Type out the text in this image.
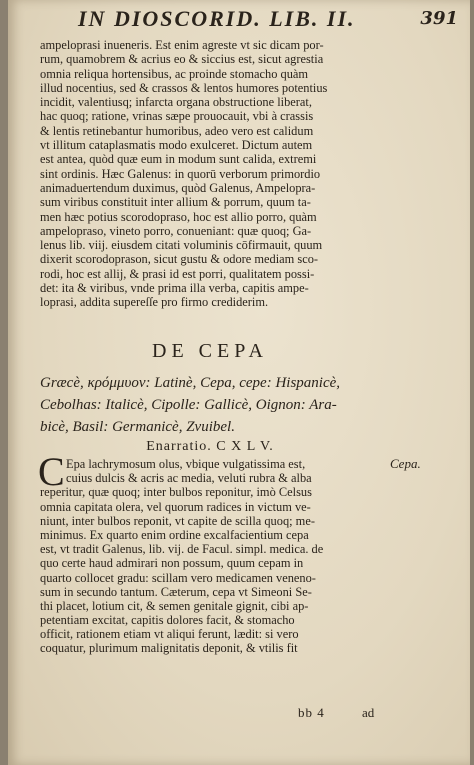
IN DIOSCORID. LIB. II.	391
ampeloprasi inueneris. Est enim agreste vt sic dicam por-
rum, quamobrem & acrius eo & siccius est, sicut agrestia
omnia reliqua hortensibus, ac proinde stomacho quàm
illud nocentius, sed & crassos & lentos humores potentius
incidit, valentiusq; infarcta organa obstructione liberat,
hac quoq; ratione, vrinas sæpe prouocauit, vbi à crassis
& lentis retinebantur humoribus, adeo vero est calidum
vt illitum cataplasmatis modo exulceret. Dictum autem
est antea, quòd quæ eum in modum sunt calida, extremi
sint ordinis. Hæc Galenus: in quorū verborum primordio
animaduertendum duximus, quòd Galenus, Ampelopra-
sum viribus constituit inter allium & porrum, quum ta-
men hæc potius scorodopraso, hoc est allio porro, quàm
ampeloprasо, vineto porro, conueniant: quæ quoq; Ga-
lenus lib. viij. eiusdem citati voluminis cōfirmauit, quum
dixerit scorodoprason, sicut gustu & odore mediam sco-
rodi, hoc est allij, & prasi id est porri, qualitatem possi-
det: ita & viribus, vnde prima illa verba, capitis ampe-
loprasi, addita supereſſe pro firmo crediderim.
DE CEPA
Græcè, κρόμμυον: Latinè, Cepa, cepe: Hispanicè,
Cebolhas: Italicè, Cipolle: Gallicè, Oignon: Ara-
bicè, Basil: Germanicè, Zvuibel.
Enarratio. C X L V.
C Epa lachrymosum olus, vbique vulgatissima est,
cuius dulcis & acris ac media, veluti rubra & alba
reperitur, quæ quoq; inter bulbos reponitur, imò Celsus
omnia capitata olera, vel quorum radices in victum ve-
niunt, inter bulbos reponit, vt capite de scilla quoq; me-
minimus. Ex quarto enim ordine excalfacientium cepa
est, vt tradit Galenus, lib. vij. de Facul. simpl. medica. de
quo certe haud admirari non possum, quum cepam in
quarto collocet gradu: scillam vero medicamen veneno-
sum in secundo tantum. Cæterum, cepa vt Simeoni Se-
thi placet, lotium cit, & semen genitale gignit, cibi ap-
petentiam excitat, capitis dolores facit, & stomacho
officit, rationem etiam vt aliqui ferunt, lædit: si vero
coquatur, plurimum malignitatis deponit, & vtilis fit
Cepa.
bb 4	ad
